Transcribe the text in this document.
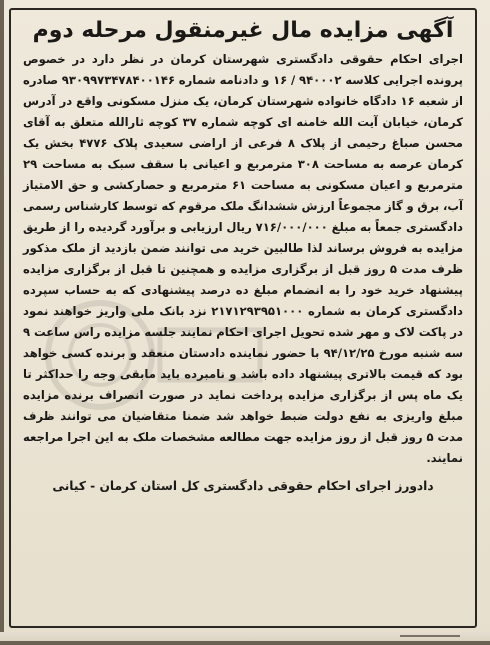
آگهی مزایده مال غیرمنقول مرحله دوم

اجرای احکام حقوقی دادگستری شهرستان کرمان در نظر دارد در خصوص پرونده اجرایی کلاسه ۹۴۰۰۰۲ / ۱۶ و دادنامه شماره ۹۳۰۹۹۷۳۴۷۸۴۰۰۱۴۶ صادره از شعبه ۱۶ دادگاه خانواده شهرستان کرمان، یک منزل مسکونی واقع در آدرس کرمان، خیابان آیت الله خامنه ای کوچه شماره ۳۷ کوچه ثارالله متعلق به آقای محسن صباغ رحیمی از پلاک ۸ فرعی از اراضی سعیدی پلاک ۴۷۷۶ بخش یک کرمان عرصه به مساحت ۳۰۸ مترمربع و اعیانی با سقف سبک به مساحت ۲۹ مترمربع و اعیان مسکونی به مساحت ۶۱ مترمربع و حصارکشی و حق الامتیاز آب، برق و گاز مجموعاً ارزش ششدانگ ملک مرقوم که توسط کارشناس رسمی دادگستری جمعاً به مبلغ ۷۱۶/۰۰۰/۰۰۰ ریال ارزیابی و برآورد گردیده را از طریق مزایده به فروش برساند لذا طالبین خرید می توانند ضمن بازدید از ملک مذکور ظرف مدت ۵ روز قبل از برگزاری مزایده و همچنین تا قبل از برگزاری مزایده پیشنهاد خرید خود را به انضمام مبلغ ده درصد پیشنهادی که به حساب سپرده دادگستری کرمان به شماره ۲۱۷۱۲۹۳۹۵۱۰۰۰ نزد بانک ملی واریز خواهند نمود در پاکت لاک و مهر شده تحویل اجرای احکام نمایند جلسه مزایده راس ساعت ۹ سه شنبه مورخ ۹۴/۱۲/۲۵ با حضور نماینده دادستان منعقد و برنده کسی خواهد بود که قیمت بالاتری پیشنهاد داده باشد و نامبرده باید مابقی وجه را حداکثر تا یک ماه پس از برگزاری مزایده پرداخت نماید در صورت انصراف برنده مزایده مبلغ واریزی به نفع دولت ضبط خواهد شد ضمنا متقاضیان می توانند ظرف مدت ۵ روز قبل از روز مزایده جهت مطالعه مشخصات ملک به این اجرا مراجعه نمایند.

دادورز اجرای احکام حقوقی دادگستری کل استان کرمان - کیانی
